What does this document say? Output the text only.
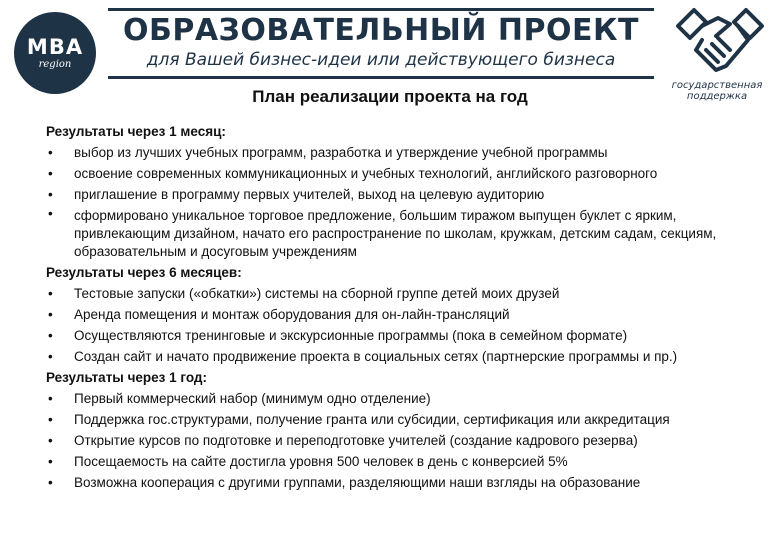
MBA
region
ОБРАЗОВАТЕЛЬНЫЙ ПРОЕКТ
для Вашей бизнес-идеи или действующего бизнеса
государственная поддержка
План реализации проекта на год
Результаты через 1 месяц:
• выбор из лучших учебных программ, разработка и утверждение учебной программы
• освоение современных коммуникационных и учебных технологий, английского разговорного
• приглашение в программу первых учителей, выход на целевую аудиторию
• сформировано уникальное торговое предложение, большим тиражом выпущен буклет с ярким, привлекающим дизайном, начато его распространение по школам, кружкам, детским садам, секциям, образовательным и досуговым учреждениям
Результаты через 6 месяцев:
• Тестовые запуски («обкатки») системы на сборной группе детей моих друзей
• Аренда помещения и монтаж оборудования для он-лайн-трансляций
• Осуществляются тренинговые и экскурсионные программы (пока в семейном формате)
• Создан сайт и начато продвижение проекта в социальных сетях (партнерские программы и пр.)
Результаты через 1 год:
• Первый коммерческий набор (минимум одно отделение)
• Поддержка гос.структурами, получение гранта или субсидии, сертификация или аккредитация
• Открытие курсов по подготовке и переподготовке учителей (создание кадрового резерва)
• Посещаемость на сайте достигла уровня 500 человек в день с конверсией 5%
• Возможна кооперация с другими группами, разделяющими наши взгляды на образование
